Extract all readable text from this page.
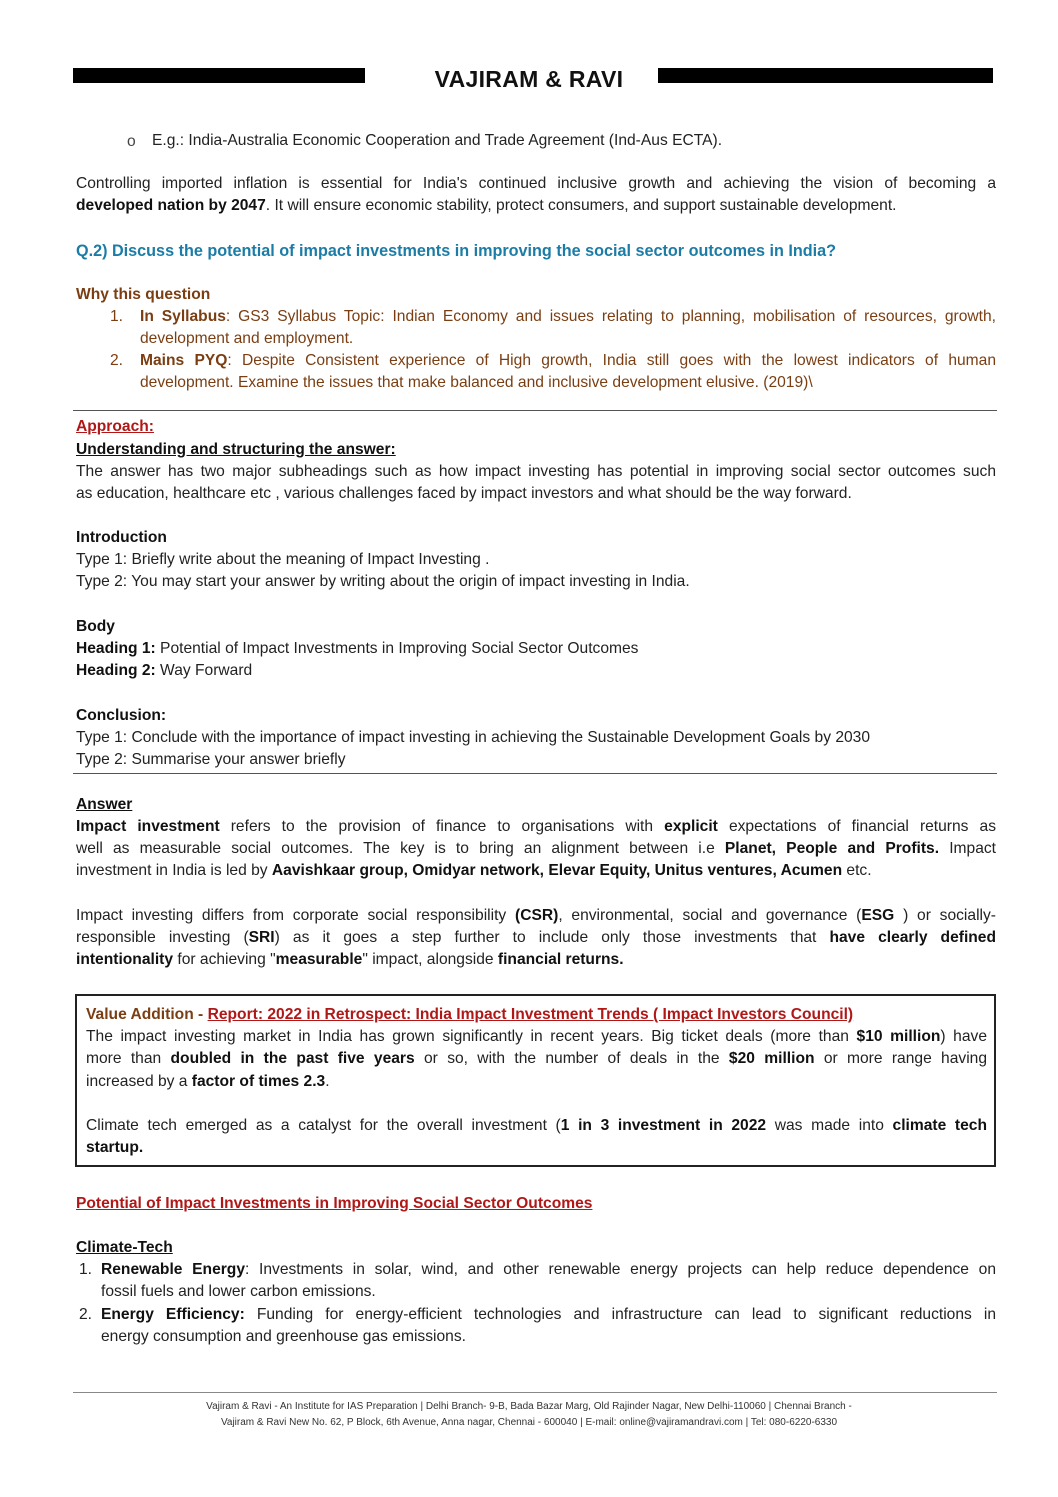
VAJIRAM & RAVI
o E.g.: India-Australia Economic Cooperation and Trade Agreement (Ind-Aus ECTA).
Controlling imported inflation is essential for India's continued inclusive growth and achieving the vision of becoming a
developed nation by 2047. It will ensure economic stability, protect consumers, and support sustainable development.
Q.2) Discuss the potential of impact investments in improving the social sector outcomes in India?
Why this question
1. In Syllabus: GS3 Syllabus Topic: Indian Economy and issues relating to planning, mobilisation of resources, growth,
development and employment.
2. Mains PYQ: Despite Consistent experience of High growth, India still goes with the lowest indicators of human
development. Examine the issues that make balanced and inclusive development elusive. (2019)\
Approach:
Understanding and structuring the answer:
The answer has two major subheadings such as how impact investing has potential in improving social sector outcomes such
as education, healthcare etc , various challenges faced by impact investors and what should be the way forward.
Introduction
Type 1: Briefly write about the meaning of Impact Investing .
Type 2: You may start your answer by writing about the origin of impact investing in India.
Body
Heading 1: Potential of Impact Investments in Improving Social Sector Outcomes
Heading 2: Way Forward
Conclusion:
Type 1: Conclude with the importance of impact investing in achieving the Sustainable Development Goals by 2030
Type 2: Summarise your answer briefly
Answer
Impact investment refers to the provision of finance to organisations with explicit expectations of financial returns as
well as measurable social outcomes. The key is to bring an alignment between i.e Planet, People and Profits. Impact
investment in India is led by Aavishkaar group, Omidyar network, Elevar Equity, Unitus ventures, Acumen etc.
Impact investing differs from corporate social responsibility (CSR), environmental, social and governance (ESG ) or socially-
responsible investing (SRI) as it goes a step further to include only those investments that have clearly defined
intentionality for achieving "measurable" impact, alongside financial returns.
Value Addition - Report: 2022 in Retrospect: India Impact Investment Trends ( Impact Investors Council)
The impact investing market in India has grown significantly in recent years. Big ticket deals (more than $10 million) have
more than doubled in the past five years or so, with the number of deals in the $20 million or more range having
increased by a factor of times 2.3.
Climate tech emerged as a catalyst for the overall investment (1 in 3 investment in 2022 was made into climate tech
startup.
Potential of Impact Investments in Improving Social Sector Outcomes
Climate-Tech
1. Renewable Energy: Investments in solar, wind, and other renewable energy projects can help reduce dependence on
fossil fuels and lower carbon emissions.
2. Energy Efficiency: Funding for energy-efficient technologies and infrastructure can lead to significant reductions in
energy consumption and greenhouse gas emissions.
Vajiram & Ravi - An Institute for IAS Preparation | Delhi Branch- 9-B, Bada Bazar Marg, Old Rajinder Nagar, New Delhi-110060 | Chennai Branch -
Vajiram & Ravi New No. 62, P Block, 6th Avenue, Anna nagar, Chennai - 600040 | E-mail: online@vajiramandravi.com | Tel: 080-6220-6330
